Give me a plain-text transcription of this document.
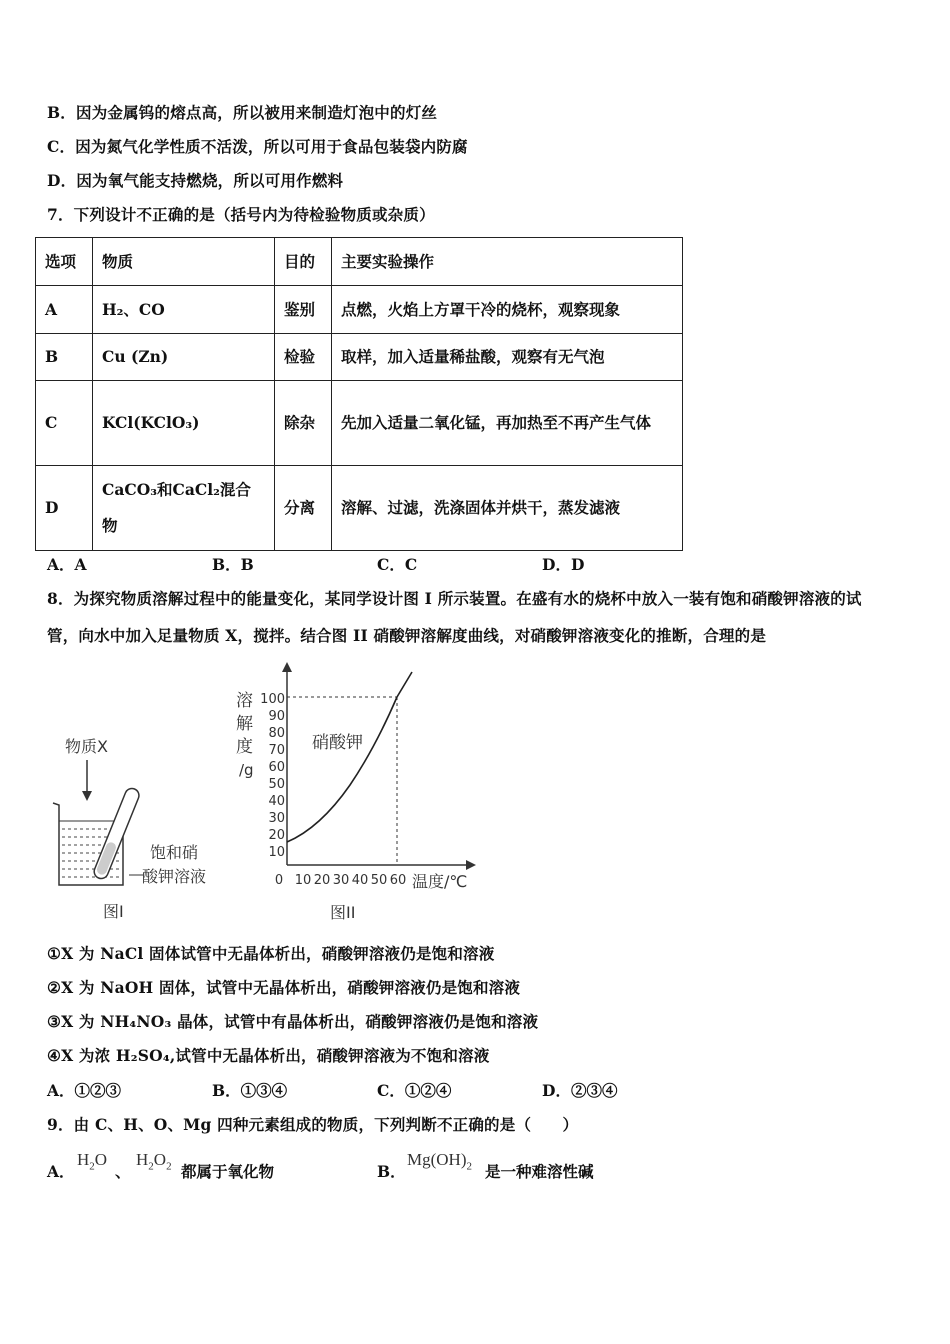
B．因为金属钨的熔点高，所以被用来制造灯泡中的灯丝
C．因为氮气化学性质不活泼，所以可用于食品包装袋内防腐
D．因为氧气能支持燃烧，所以可用作燃料
7．下列设计不正确的是（括号内为待检验物质或杂质）
选项	物质	目的	主要实验操作
A	H₂、CO	鉴别	点燃，火焰上方罩干冷的烧杯，观察现象
B	Cu (Zn)	检验	取样，加入适量稀盐酸，观察有无气泡
C	KCl(KClO₃)	除杂	先加入适量二氧化锰，再加热至不再产生气体
D	CaCO₃和CaCl₂混合物	分离	溶解、过滤，洗涤固体并烘干，蒸发滤液
A．A	B．B	C．C	D．D
8．为探究物质溶解过程中的能量变化，某同学设计图 I 所示装置。在盛有水的烧杯中放入一装有饱和硝酸钾溶液的试
管，向水中加入足量物质 X，搅拌。结合图 II 硝酸钾溶解度曲线，对硝酸钾溶液变化的推断，合理的是
物质X
饱和硝
酸钾溶液
图I
溶
解
度
/g
100
90
80
70
60
50
40
30
20
10
0 10 20 30 40 50 60 温度/℃
硝酸钾
图II
①X 为 NaCl 固体试管中无晶体析出，硝酸钾溶液仍是饱和溶液
②X 为 NaOH 固体，试管中无晶体析出，硝酸钾溶液仍是饱和溶液
③X 为 NH₄NO₃ 晶体，试管中有晶体析出，硝酸钾溶液仍是饱和溶液
④X 为浓 H₂SO₄,试管中无晶体析出，硝酸钾溶液为不饱和溶液
A．①②③	B．①③④	C．①②④	D．②③④
9．由 C、H、O、Mg 四种元素组成的物质，下列判断不正确的是（　　）
A．
$H_2O$
、
$H_2O_2$ 都属于氧化物	B．
$Mg(OH)_2$ 是一种难溶性碱
